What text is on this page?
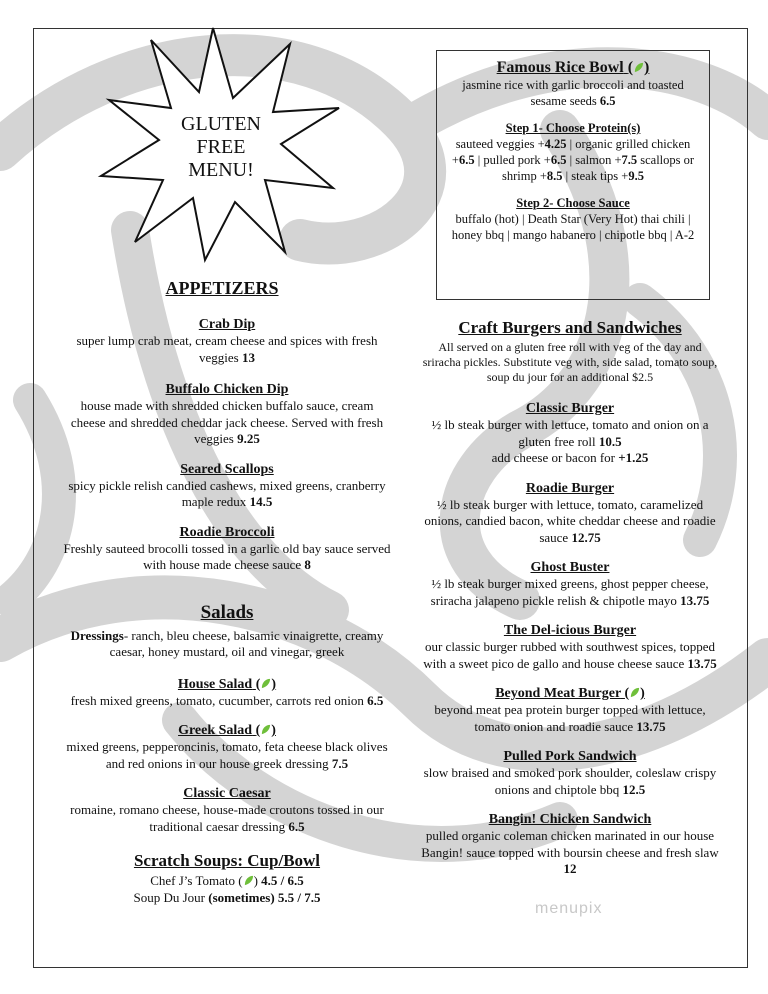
GLUTEN
FREE
MENU!
Famous Rice Bowl ( )
jasmine rice with garlic broccoli and toasted sesame seeds 6.5
Step 1- Choose Protein(s)
sauteed veggies +4.25 | organic grilled chicken +6.5 | pulled pork +6.5 | salmon +7.5 scallops or shrimp +8.5 | steak tips +9.5
Step 2- Choose Sauce
buffalo (hot) | Death Star (Very Hot) thai chili | honey bbq | mango habanero | chipotle bbq | A-2
APPETIZERS
Crab Dip
super lump crab meat, cream cheese and spices with fresh veggies 13
Buffalo Chicken Dip
house made with shredded chicken buffalo sauce, cream cheese and shredded cheddar jack cheese. Served with fresh veggies 9.25
Seared Scallops
spicy pickle relish candied cashews, mixed greens, cranberry maple redux 14.5
Roadie Broccoli
Freshly sauteed brocolli tossed in a garlic old bay sauce served with house made cheese sauce 8
Salads
Dressings- ranch, bleu cheese, balsamic vinaigrette, creamy caesar, honey mustard, oil and vinegar, greek
House Salad ( )
fresh mixed greens, tomato, cucumber, carrots red onion 6.5
Greek Salad ( )
mixed greens, pepperoncinis, tomato, feta cheese black olives and red onions in our house greek dressing 7.5
Classic Caesar
romaine, romano cheese, house-made croutons tossed in our traditional caesar dressing 6.5
Scratch Soups: Cup/Bowl
Chef J’s Tomato ( ) 4.5 / 6.5
Soup Du Jour (sometimes) 5.5 / 7.5
Craft Burgers and Sandwiches
All served on a gluten free roll with veg of the day and sriracha pickles. Substitute veg with, side salad, tomato soup, soup du jour for an additional $2.5
Classic Burger
½ lb steak burger with lettuce, tomato and onion on a gluten free roll 10.5
add cheese or bacon for +1.25
Roadie Burger
½ lb steak burger with lettuce, tomato, caramelized onions, candied bacon, white cheddar cheese and roadie sauce 12.75
Ghost Buster
½ lb steak burger mixed greens, ghost pepper cheese, sriracha jalapeno pickle relish & chipotle mayo 13.75
The Del-icious Burger
our classic burger rubbed with southwest spices, topped with a sweet pico de gallo and house cheese sauce 13.75
Beyond Meat Burger ( )
beyond meat pea protein burger topped with lettuce, tomato onion and roadie sauce 13.75
Pulled Pork Sandwich
slow braised and smoked pork shoulder, coleslaw crispy onions and chiptole bbq 12.5
Bangin! Chicken Sandwich
pulled organic coleman chicken marinated in our house Bangin! sauce topped with boursin cheese and fresh slaw 12
menupix
